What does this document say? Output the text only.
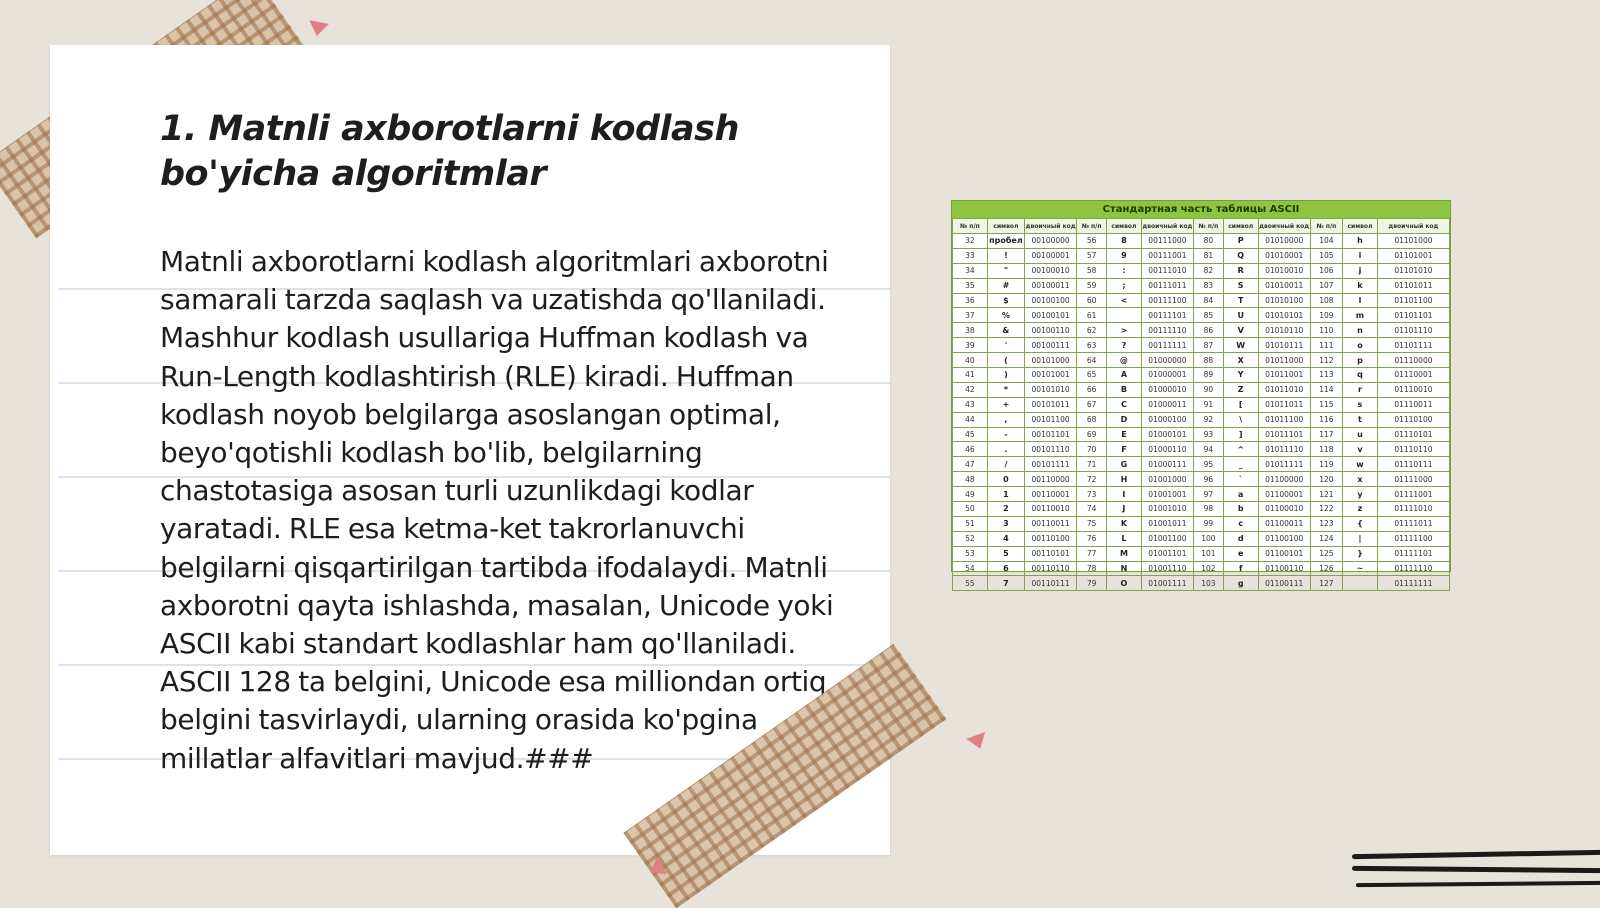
1. Matnli axborotlarni kodlash bo'yicha algoritmlar

Matnli axborotlarni kodlash algoritmlari axborotni samarali tarzda saqlash va uzatishda qo'llaniladi. Mashhur kodlash usullariga Huffman kodlash va Run-Length kodlashtirish (RLE) kiradi. Huffman kodlash noyob belgilarga asoslangan optimal, beyo'qotishli kodlash bo'lib, belgilarning chastotasiga asosan turli uzunlikdagi kodlar yaratadi. RLE esa ketma-ket takrorlanuvchi belgilarni qisqartirilgan tartibda ifodalaydi. Matnli axborotni qayta ishlashda, masalan, Unicode yoki ASCII kabi standart kodlashlar ham qo'llaniladi. ASCII 128 ta belgini, Unicode esa milliondan ortiq belgini tasvirlaydi, ularning orasida ko'pgina millatlar alfavitlari mavjud.###

Стандартная часть таблицы ASCII
№ п/п	символ	двоичный код	№ п/п	символ	двоичный код	№ п/п	символ	двоичный код	№ п/п	символ	двоичный код
32	пробел	00100000	56	8	00111000	80	P	01010000	104	h	01101000
33	!	00100001	57	9	00111001	81	Q	01010001	105	i	01101001
34	"	00100010	58	:	00111010	82	R	01010010	106	j	01101010
35	#	00100011	59	;	00111011	83	S	01010011	107	k	01101011
36	$	00100100	60	<	00111100	84	T	01010100	108	l	01101100
37	%	00100101	61		00111101	85	U	01010101	109	m	01101101
38	&	00100110	62	>	00111110	86	V	01010110	110	n	01101110
39	'	00100111	63	?	00111111	87	W	01010111	111	o	01101111
40	(	00101000	64	@	01000000	88	X	01011000	112	p	01110000
41	)	00101001	65	A	01000001	89	Y	01011001	113	q	01110001
42	*	00101010	66	B	01000010	90	Z	01011010	114	r	01110010
43	+	00101011	67	C	01000011	91	[	01011011	115	s	01110011
44	,	00101100	68	D	01000100	92	\	01011100	116	t	01110100
45	-	00101101	69	E	01000101	93	]	01011101	117	u	01110101
46	.	00101110	70	F	01000110	94	^	01011110	118	v	01110110
47	/	00101111	71	G	01000111	95	_	01011111	119	w	01110111
48	0	00110000	72	H	01001000	96	`	01100000	120	x	01111000
49	1	00110001	73	I	01001001	97	a	01100001	121	y	01111001
50	2	00110010	74	J	01001010	98	b	01100010	122	z	01111010
51	3	00110011	75	K	01001011	99	c	01100011	123	{	01111011
52	4	00110100	76	L	01001100	100	d	01100100	124	|	01111100
53	5	00110101	77	M	01001101	101	e	01100101	125	}	01111101
54	6	00110110	78	N	01001110	102	f	01100110	126	~	01111110
55	7	00110111	79	O	01001111	103	g	01100111	127		01111111
